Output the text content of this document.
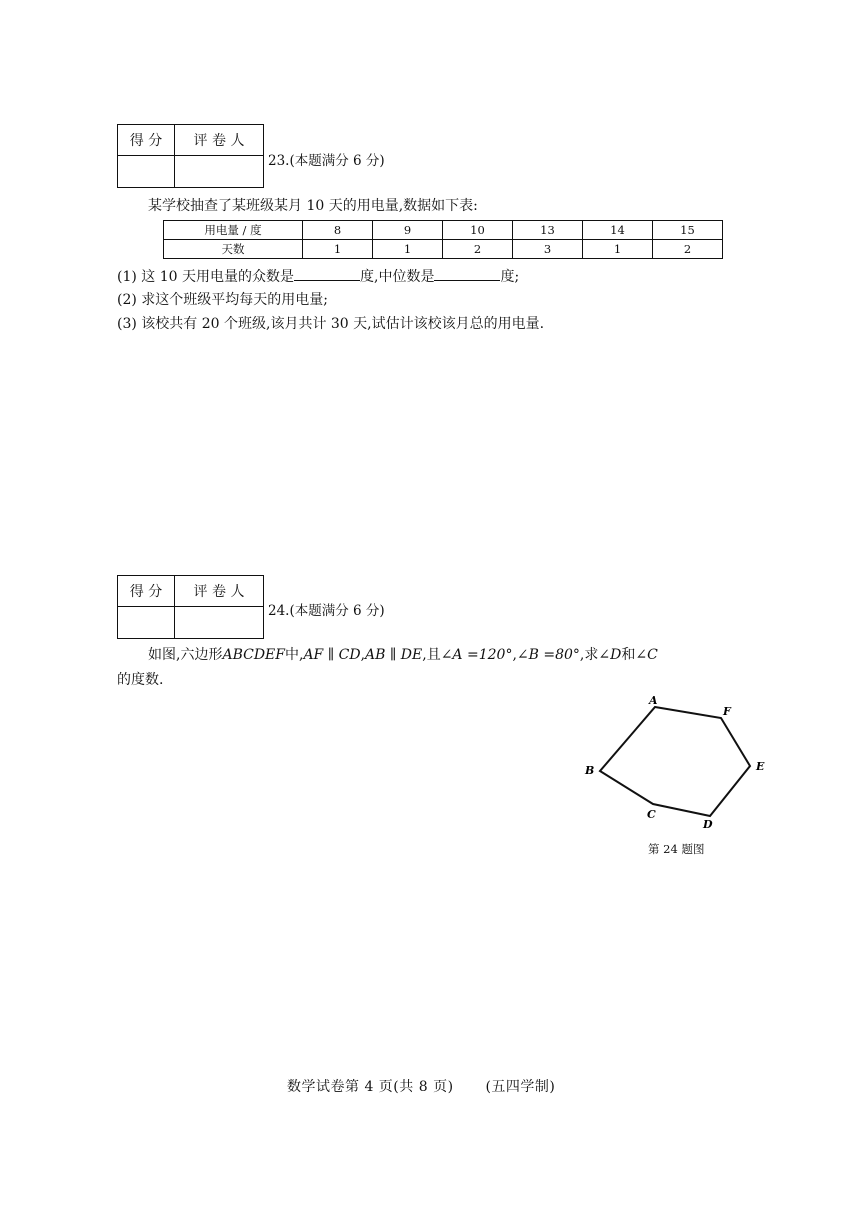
得 分	评 卷 人

23.(本题满分 6 分)
某学校抽查了某班级某月 10 天的用电量,数据如下表:
用电量 / 度	8	9	10	13	14	15
天数	1	1	2	3	1	2
(1) 这 10 天用电量的众数是	度,中位数是	度;
(2) 求这个班级平均每天的用电量;
(3) 该校共有 20 个班级,该月共计 30 天,试估计该校该月总的用电量.
得 分	评 卷 人

24.(本题满分 6 分)
如图,六边形ABCDEF中,AF ∥ CD,AB ∥ DE,且∠A =120°,∠B =80°,求∠D和∠C
的度数.
A
F
E
D
C
B
第 24 题图
数学试卷第 4 页(共 8 页) (五四学制)
